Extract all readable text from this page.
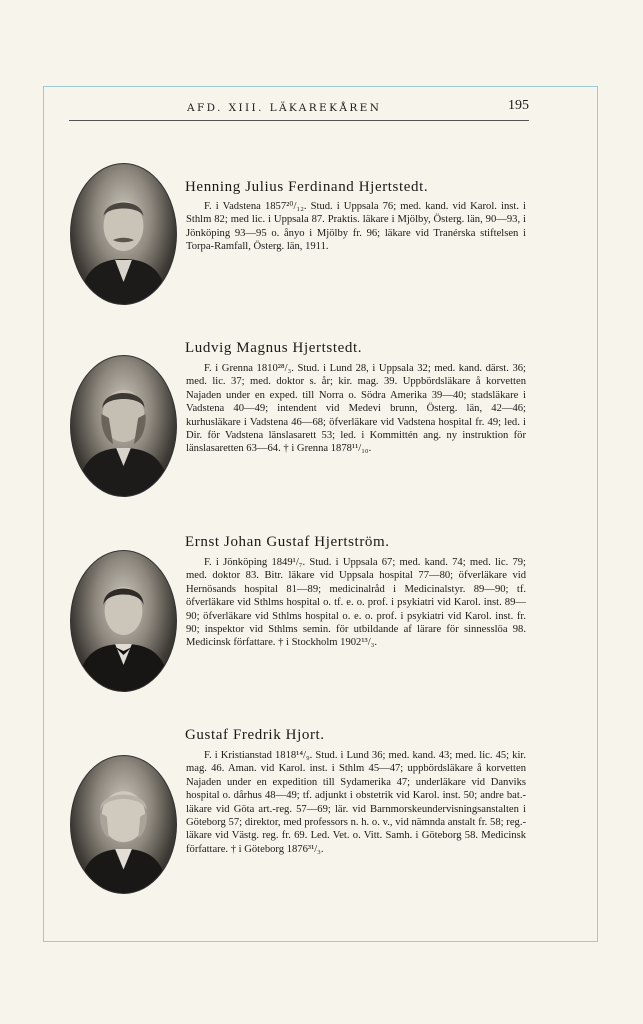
AFD. XIII. LÄKAREKÅREN	195
Henning Julius Ferdinand Hjertstedt.

F. i Vadstena 1857²⁰/₁₂. Stud. i Uppsala 76; med. kand. vid Karol. inst. i Sthlm 82; med lic. i Uppsala 87. Praktis. läkare i Mjölby, Österg. län, 90—93, i Jönköping 93—95 o. ånyo i Mjölby fr. 96; läkare vid Tranérska stiftelsen i Torpa-Ramfall, Österg. län, 1911.

Ludvig Magnus Hjertstedt.

F. i Grenna 1810²⁸/₃. Stud. i Lund 28, i Uppsala 32; med. kand. därst. 36; med. lic. 37; med. doktor s. år; kir. mag. 39. Uppbördsläkare å korvetten Najaden under en exped. till Norra o. Södra Amerika 39—40; stadsläkare i Vadstena 40—49; intendent vid Medevi brunn, Österg. län, 42—46; kurhusläkare i Vadstena 46—68; öfverläkare vid Vadstena hospital fr. 49; led. i Dir. för Vadstena länslasarett 53; led. i Kommittén ang. ny instruktion för länslasaretten 63—64. † i Grenna 1878¹¹/₁₀.

Ernst Johan Gustaf Hjertström.

F. i Jönköping 1849¹/₇. Stud. i Uppsala 67; med. kand. 74; med. lic. 79; med. doktor 83. Bitr. läkare vid Uppsala hospital 77—80; öfverläkare vid Hernösands hospital 81—89; medicinalråd i Medicinalstyr. 89—90; tf. öfverläkare vid Sthlms hospital o. tf. e. o. prof. i psykiatri vid Karol. inst. 89—90; öfverläkare vid Sthlms hospital o. e. o. prof. i psykiatri vid Karol. inst. fr. 90; inspektor vid Sthlms semin. för utbildande af lärare för sinnesslöa 98. Medicinsk författare. † i Stockholm 1902¹³/₃.

Gustaf Fredrik Hjort.

F. i Kristianstad 1818¹⁴/₉. Stud. i Lund 36; med. kand. 43; med. lic. 45; kir. mag. 46. Aman. vid Karol. inst. i Sthlm 45—47; uppbördsläkare å korvetten Najaden under en expedition till Sydamerika 47; underläkare vid Danviks hospital o. dårhus 48—49; tf. adjunkt i obstetrik vid Karol. inst. 50; andre bat.-läkare vid Göta art.-reg. 57—69; lär. vid Barnmorskeundervisningsanstalten i Göteborg 57; direktor, med professors n. h. o. v., vid nämnda anstalt fr. 58; reg.-läkare vid Västg. reg. fr. 69. Led. Vet. o. Vitt. Samh. i Göteborg 58. Medicinsk författare. † i Göteborg 1876³¹/₃.
